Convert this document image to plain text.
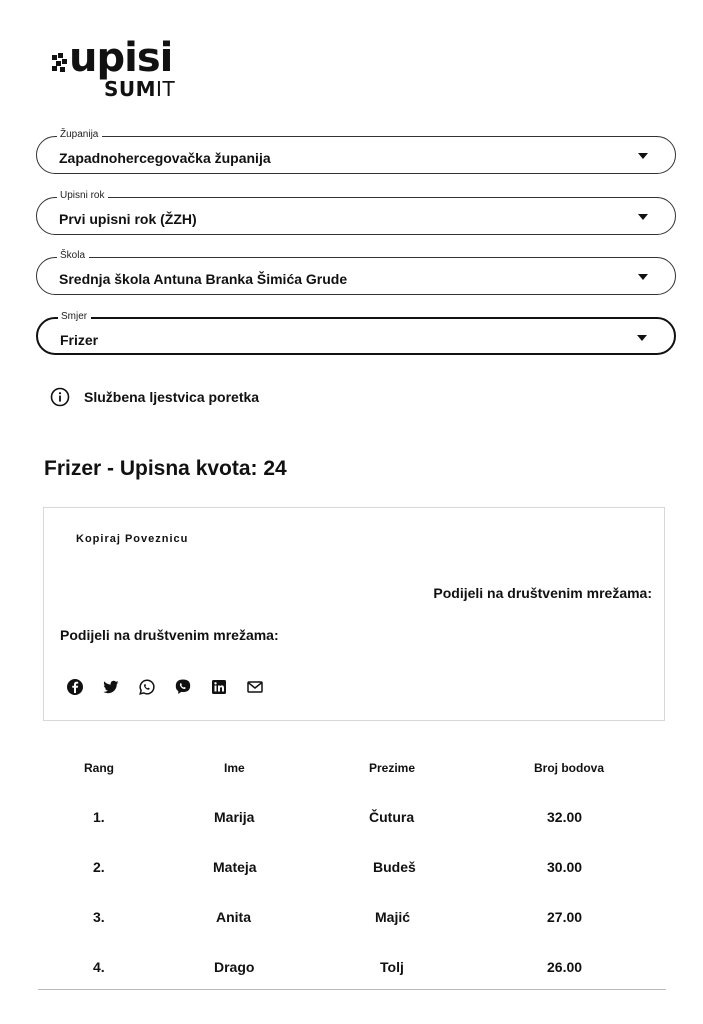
upisi
SUMIT
Županija
Zapadnohercegovačka županija
Upisni rok
Prvi upisni rok (ŽZH)
Škola
Srednja škola Antuna Branka Šimića Grude
Smjer
Frizer
Službena ljestvica poretka
Frizer - Upisna kvota: 24
Kopiraj Poveznicu
Podijeli na društvenim mrežama:
Podijeli na društvenim mrežama:
Rang	Ime	Prezime	Broj bodova
1.	Marija	Čutura	32.00
2.	Mateja	Budeš	30.00
3.	Anita	Majić	27.00
4.	Drago	Tolj	26.00
